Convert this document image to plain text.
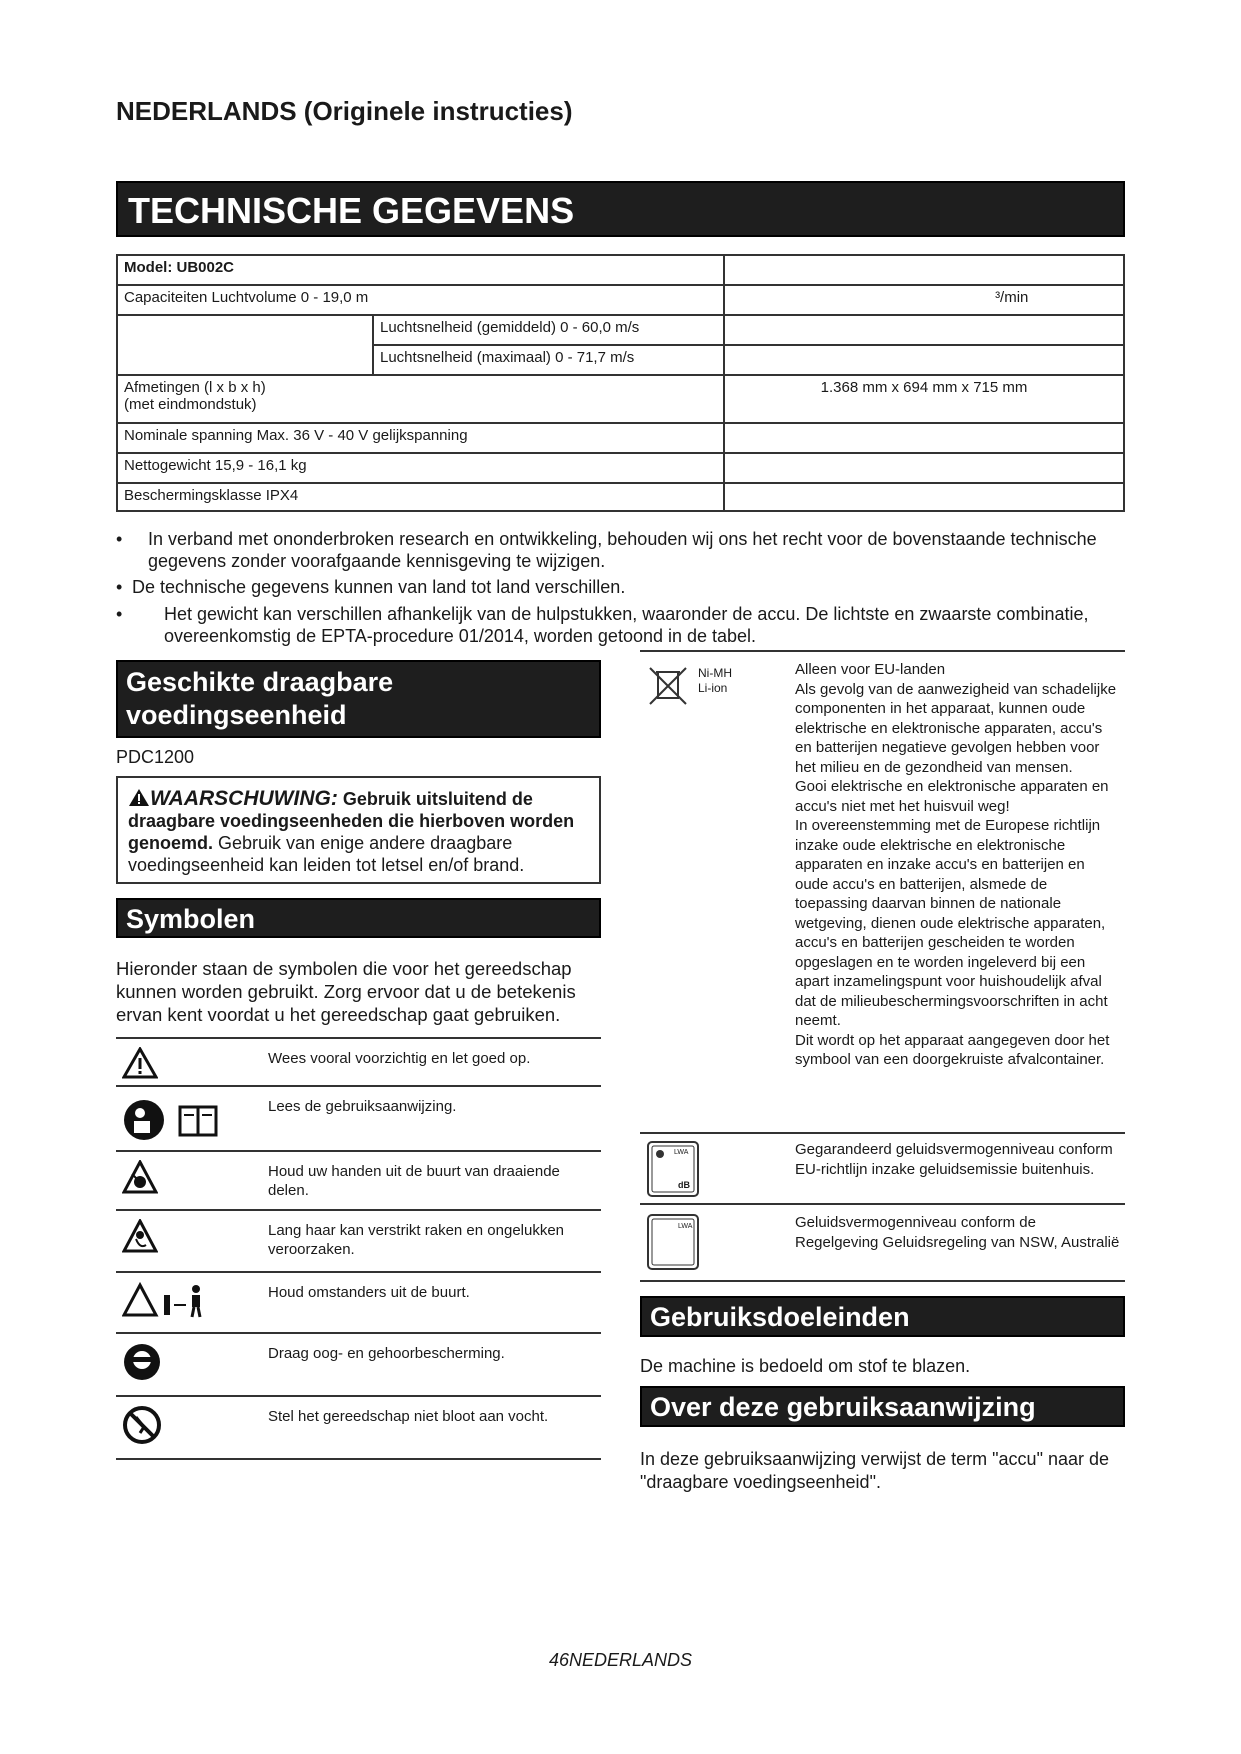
NEDERLANDS (Originele instructies)
TECHNISCHE GEGEVENS
Model: UB002C		
Capaciteiten Luchtvolume 0 - 19,0 m		³/min
	Luchtsnelheid (gemiddeld) 0 - 60,0 m/s	
	Luchtsnelheid (maximaal) 0 - 71,7 m/s	

Afmetingen (l x b x h)
(met eindmondstuk)		1.368 mm x 694 mm x 715 mm
Nominale spanning Max. 36 V - 40 V gelijkspanning		
Nettogewicht 15,9 - 16,1 kg		
Beschermingsklasse IPX4		
• In verband met ononderbroken research en ontwikkeling, behouden wij ons het recht voor de bovenstaande technische gegevens zonder voorafgaande kennisgeving te wijzigen.
• De technische gegevens kunnen van land tot land verschillen.
• Het gewicht kan verschillen afhankelijk van de hulpstukken, waaronder de accu. De lichtste en zwaarste combinatie, overeenkomstig de EPTA-procedure 01/2014, worden getoond in de tabel.
Geschikte draagbare
voedingseenheid
PDC1200
WAARSCHUWING: Gebruik uitsluitend de draagbare voedingseenheden die hierboven worden genoemd. Gebruik van enige andere draagbare voedingseenheid kan leiden tot letsel en/of brand.
Symbolen
Hieronder staan de symbolen die voor het gereedschap kunnen worden gebruikt. Zorg ervoor dat u de betekenis ervan kent voordat u het gereedschap gaat gebruiken.
Wees vooral voorzichtig en let goed op.
Lees de gebruiksaanwijzing.
Houd uw handen uit de buurt van draaiende delen.
Lang haar kan verstrikt raken en ongelukken veroorzaken.
Houd omstanders uit de buurt.
Draag oog- en gehoorbescherming.
Stel het gereedschap niet bloot aan vocht.
Ni-MH
Li-ion
Alleen voor EU-landen
Als gevolg van de aanwezigheid van schadelijke componenten in het apparaat, kunnen oude elektrische en elektronische apparaten, accu's en batterijen negatieve gevolgen hebben voor het milieu en de gezondheid van mensen.
Gooi elektrische en elektronische apparaten en accu's niet met het huisvuil weg!
In overeenstemming met de Europese richtlijn inzake oude elektrische en elektronische apparaten en inzake accu's en batterijen en oude accu's en batterijen, alsmede de toepassing daarvan binnen de nationale wetgeving, dienen oude elektrische apparaten, accu's en batterijen gescheiden te worden opgeslagen en te worden ingeleverd bij een apart inzamelingspunt voor huishoudelijk afval dat de milieubeschermingsvoorschriften in acht neemt.
Dit wordt op het apparaat aangegeven door het symbool van een doorgekruiste afvalcontainer.
LWA
dB
Gegarandeerd geluidsvermogenniveau conform EU-richtlijn inzake geluidsemissie buitenhuis.
LWA	Geluidsvermogenniveau conform de Regelgeving Geluidsregeling van NSW, Australië
Gebruiksdoeleinden
De machine is bedoeld om stof te blazen.
Over deze gebruiksaanwijzing
In deze gebruiksaanwijzing verwijst de term "accu" naar de "draagbare voedingseenheid".
46NEDERLANDS
